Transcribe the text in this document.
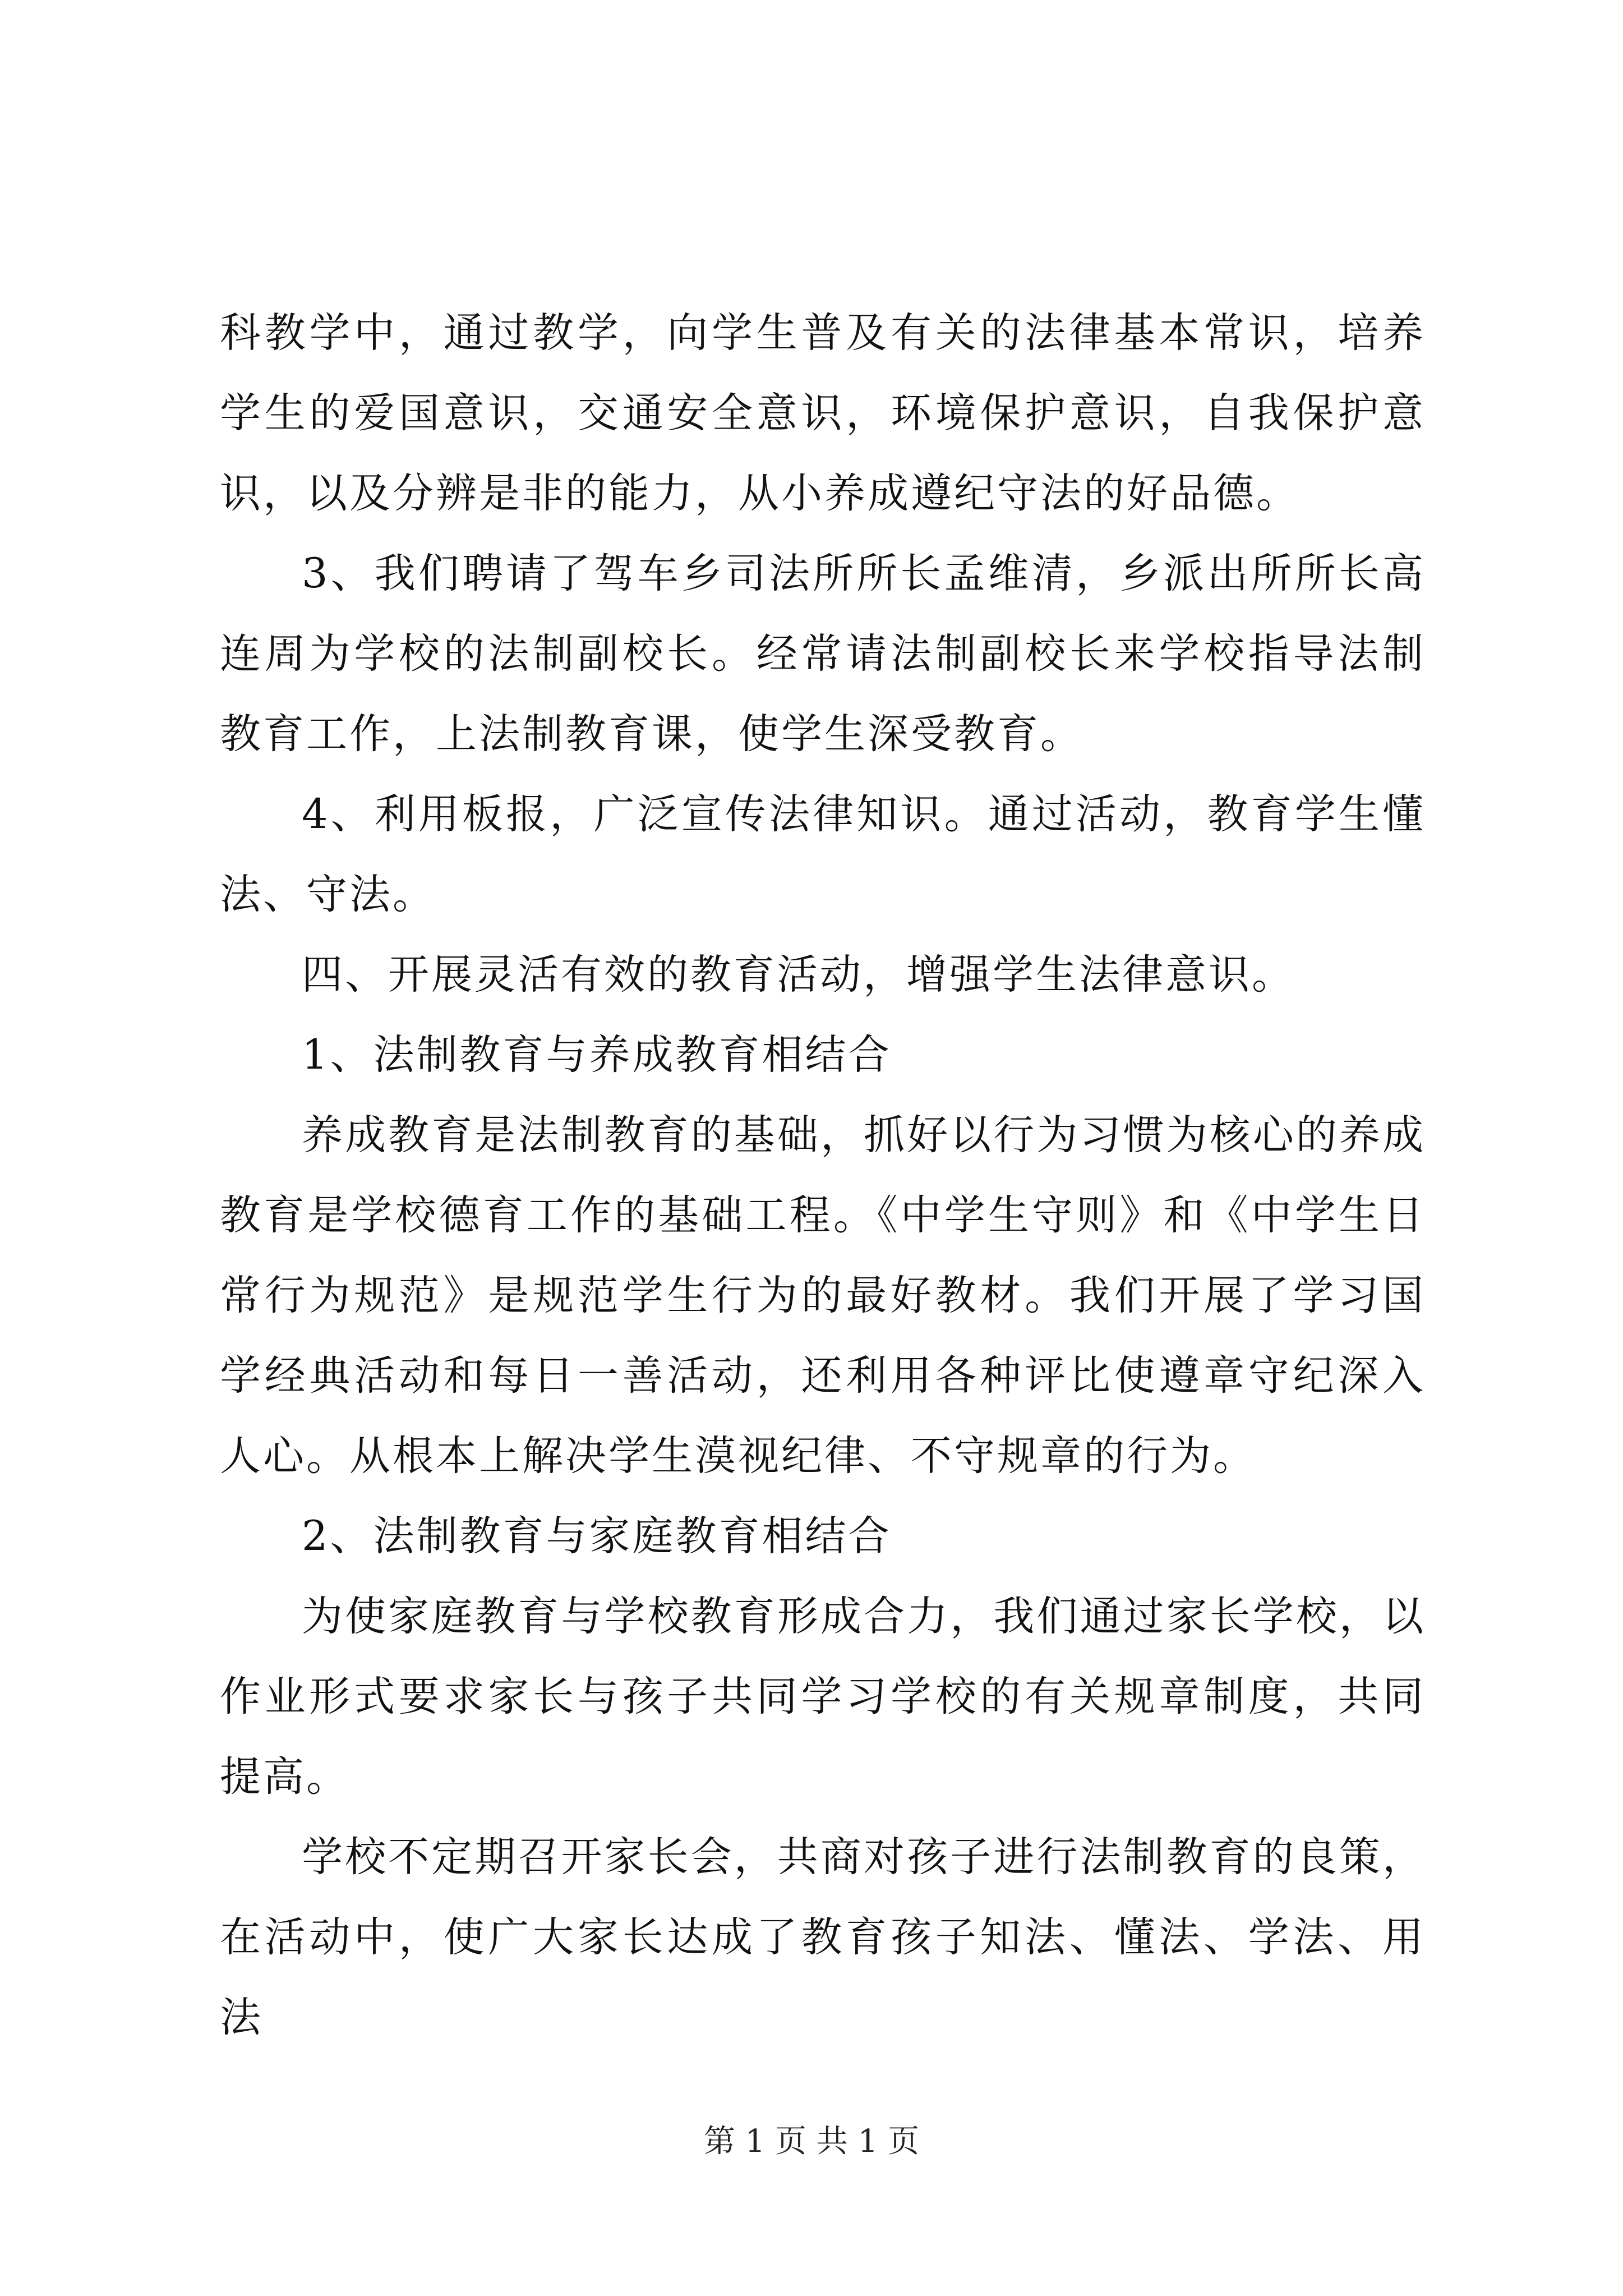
科教学中，通过教学，向学生普及有关的法律基本常识，培养学生的爱国意识，交通安全意识，环境保护意识，自我保护意识，以及分辨是非的能力，从小养成遵纪守法的好品德。

3、我们聘请了驾车乡司法所所长孟维清，乡派出所所长高连周为学校的法制副校长。经常请法制副校长来学校指导法制教育工作，上法制教育课，使学生深受教育。

4、利用板报，广泛宣传法律知识。通过活动，教育学生懂法、守法。

四、开展灵活有效的教育活动，增强学生法律意识。

1、法制教育与养成教育相结合

养成教育是法制教育的基础，抓好以行为习惯为核心的养成教育是学校德育工作的基础工程。《中学生守则》和《中学生日常行为规范》是规范学生行为的最好教材。我们开展了学习国学经典活动和每日一善活动，还利用各种评比使遵章守纪深入人心。从根本上解决学生漠视纪律、不守规章的行为。

2、法制教育与家庭教育相结合

为使家庭教育与学校教育形成合力，我们通过家长学校，以作业形式要求家长与孩子共同学习学校的有关规章制度，共同提高。

学校不定期召开家长会，共商对孩子进行法制教育的良策，在活动中，使广大家长达成了教育孩子知法、懂法、学法、用法

第 1 页 共 1 页
